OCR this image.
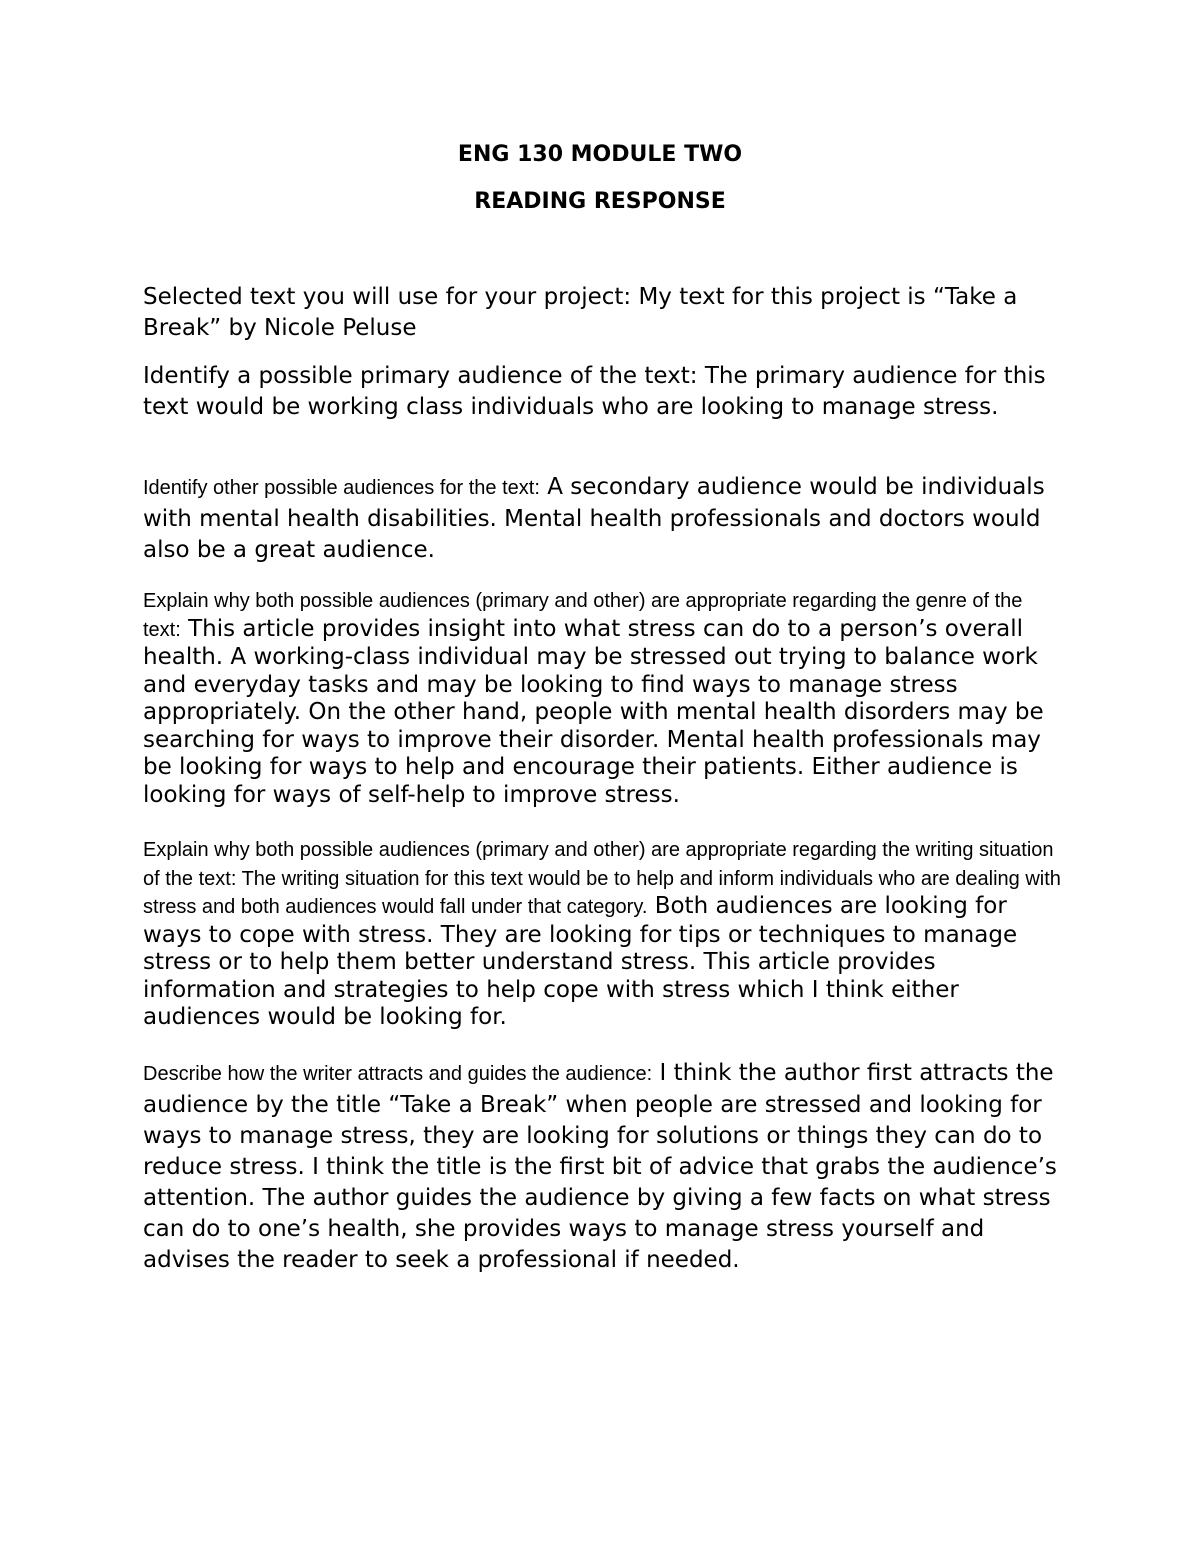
ENG 130 MODULE TWO
READING RESPONSE

Selected text you will use for your project: My text for this project is “Take a Break” by Nicole Peluse

Identify a possible primary audience of the text: The primary audience for this text would be working class individuals who are looking to manage stress.

Identify other possible audiences for the text: A secondary audience would be individuals with mental health disabilities. Mental health professionals and doctors would also be a great audience.

Explain why both possible audiences (primary and other) are appropriate regarding the genre of the text: This article provides insight into what stress can do to a person’s overall health. A working-class individual may be stressed out trying to balance work and everyday tasks and may be looking to find ways to manage stress appropriately. On the other hand, people with mental health disorders may be searching for ways to improve their disorder. Mental health professionals may be looking for ways to help and encourage their patients. Either audience is looking for ways of self-help to improve stress.

Explain why both possible audiences (primary and other) are appropriate regarding the writing situation of the text: The writing situation for this text would be to help and inform individuals who are dealing with stress and both audiences would fall under that category. Both audiences are looking for ways to cope with stress. They are looking for tips or techniques to manage stress or to help them better understand stress. This article provides information and strategies to help cope with stress which I think either audiences would be looking for.

Describe how the writer attracts and guides the audience: I think the author first attracts the audience by the title “Take a Break” when people are stressed and looking for ways to manage stress, they are looking for solutions or things they can do to reduce stress. I think the title is the first bit of advice that grabs the audience’s attention. The author guides the audience by giving a few facts on what stress can do to one’s health, she provides ways to manage stress yourself and advises the reader to seek a professional if needed.
